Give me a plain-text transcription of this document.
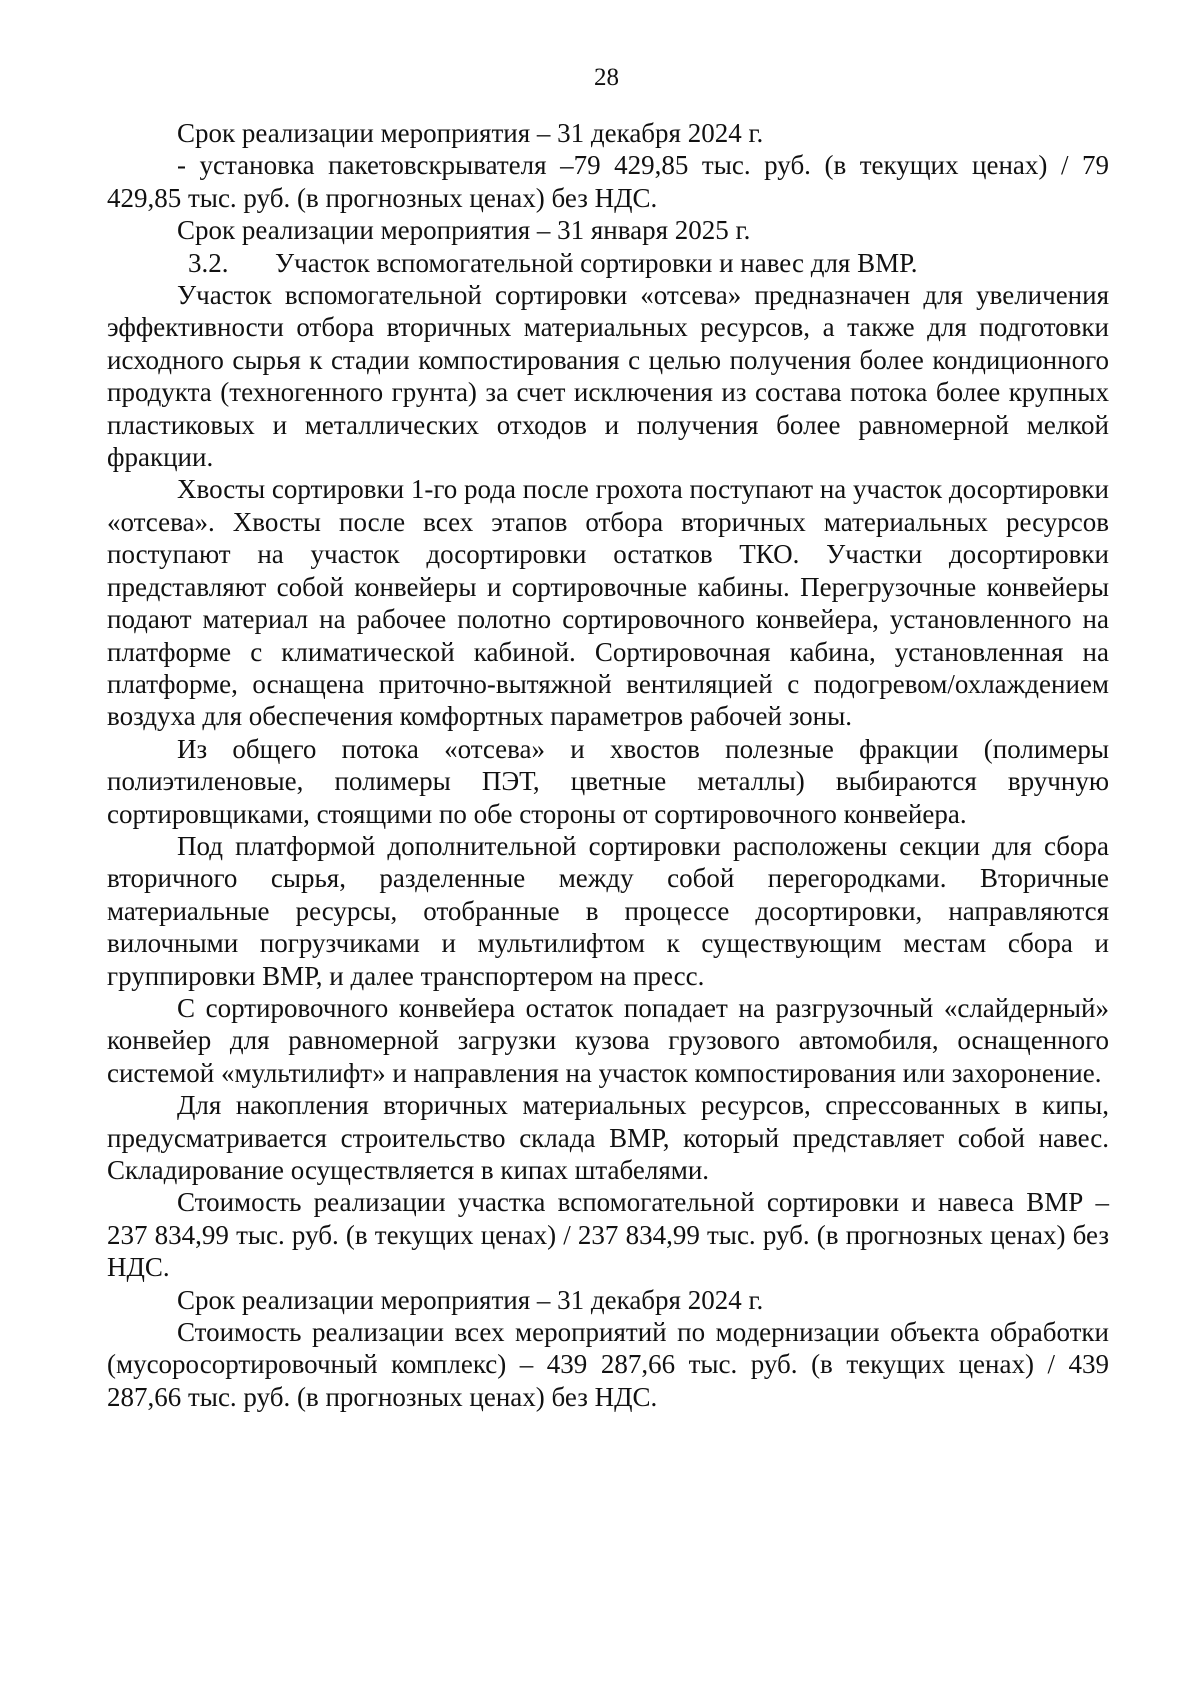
28

Срок реализации мероприятия – 31 декабря 2024 г.

- установка пакетовскрывателя –79 429,85 тыс. руб. (в текущих ценах) / 79 429,85 тыс. руб. (в прогнозных ценах) без НДС.

Срок реализации мероприятия – 31 января 2025 г.

3.2. Участок вспомогательной сортировки и навес для ВМР.

Участок вспомогательной сортировки «отсева» предназначен для увеличения эффективности отбора вторичных материальных ресурсов, а также для подготовки исходного сырья к стадии компостирования с целью получения более кондиционного продукта (техногенного грунта) за счет исключения из состава потока более крупных пластиковых и металлических отходов и получения более равномерной мелкой фракции.

Хвосты сортировки 1-го рода после грохота поступают на участок досортировки «отсева». Хвосты после всех этапов отбора вторичных материальных ресурсов поступают на участок досортировки остатков ТКО. Участки досортировки представляют собой конвейеры и сортировочные кабины. Перегрузочные конвейеры подают материал на рабочее полотно сортировочного конвейера, установленного на платформе с климатической кабиной. Сортировочная кабина, установленная на платформе, оснащена приточно-вытяжной вентиляцией с подогревом/охлаждением воздуха для обеспечения комфортных параметров рабочей зоны.

Из общего потока «отсева» и хвостов полезные фракции (полимеры полиэтиленовые, полимеры ПЭТ, цветные металлы) выбираются вручную сортировщиками, стоящими по обе стороны от сортировочного конвейера.

Под платформой дополнительной сортировки расположены секции для сбора вторичного сырья, разделенные между собой перегородками. Вторичные материальные ресурсы, отобранные в процессе досортировки, направляются вилочными погрузчиками и мультилифтом к существующим местам сбора и группировки ВМР, и далее транспортером на пресс.

С сортировочного конвейера остаток попадает на разгрузочный «слайдерный» конвейер для равномерной загрузки кузова грузового автомобиля, оснащенного системой «мультилифт» и направления на участок компостирования или захоронение.

Для накопления вторичных материальных ресурсов, спрессованных в кипы, предусматривается строительство склада ВМР, который представляет собой навес. Складирование осуществляется в кипах штабелями.

Стоимость реализации участка вспомогательной сортировки и навеса ВМР – 237 834,99 тыс. руб. (в текущих ценах) / 237 834,99 тыс. руб. (в прогнозных ценах) без НДС.

Срок реализации мероприятия – 31 декабря 2024 г.

Стоимость реализации всех мероприятий по модернизации объекта обработки (мусоросортировочный комплекс) – 439 287,66 тыс. руб. (в текущих ценах) / 439 287,66 тыс. руб. (в прогнозных ценах) без НДС.
